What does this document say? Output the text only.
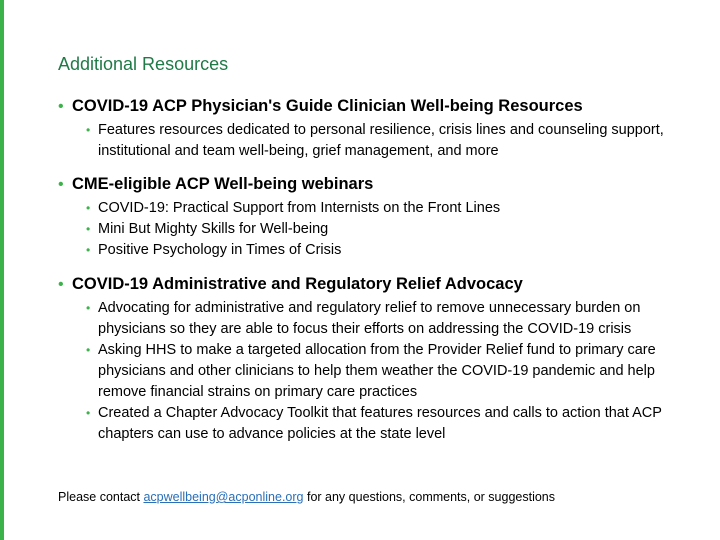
Additional Resources
• COVID-19 ACP Physician's Guide Clinician Well-being Resources
• Features resources dedicated to personal resilience, crisis lines and counseling support, institutional and team well-being, grief management, and more
• CME-eligible ACP Well-being webinars
• COVID-19: Practical Support from Internists on the Front Lines
• Mini But Mighty Skills for Well-being
• Positive Psychology in Times of Crisis
• COVID-19 Administrative and Regulatory Relief Advocacy
• Advocating for administrative and regulatory relief to remove unnecessary burden on physicians so they are able to focus their efforts on addressing the COVID-19 crisis
• Asking HHS to make a targeted allocation from the Provider Relief fund to primary care physicians and other clinicians to help them weather the COVID-19 pandemic and help remove financial strains on primary care practices
• Created a Chapter Advocacy Toolkit that features resources and calls to action that ACP chapters can use to advance policies at the state level
Please contact acpwellbeing@acponline.org for any questions, comments, or suggestions
